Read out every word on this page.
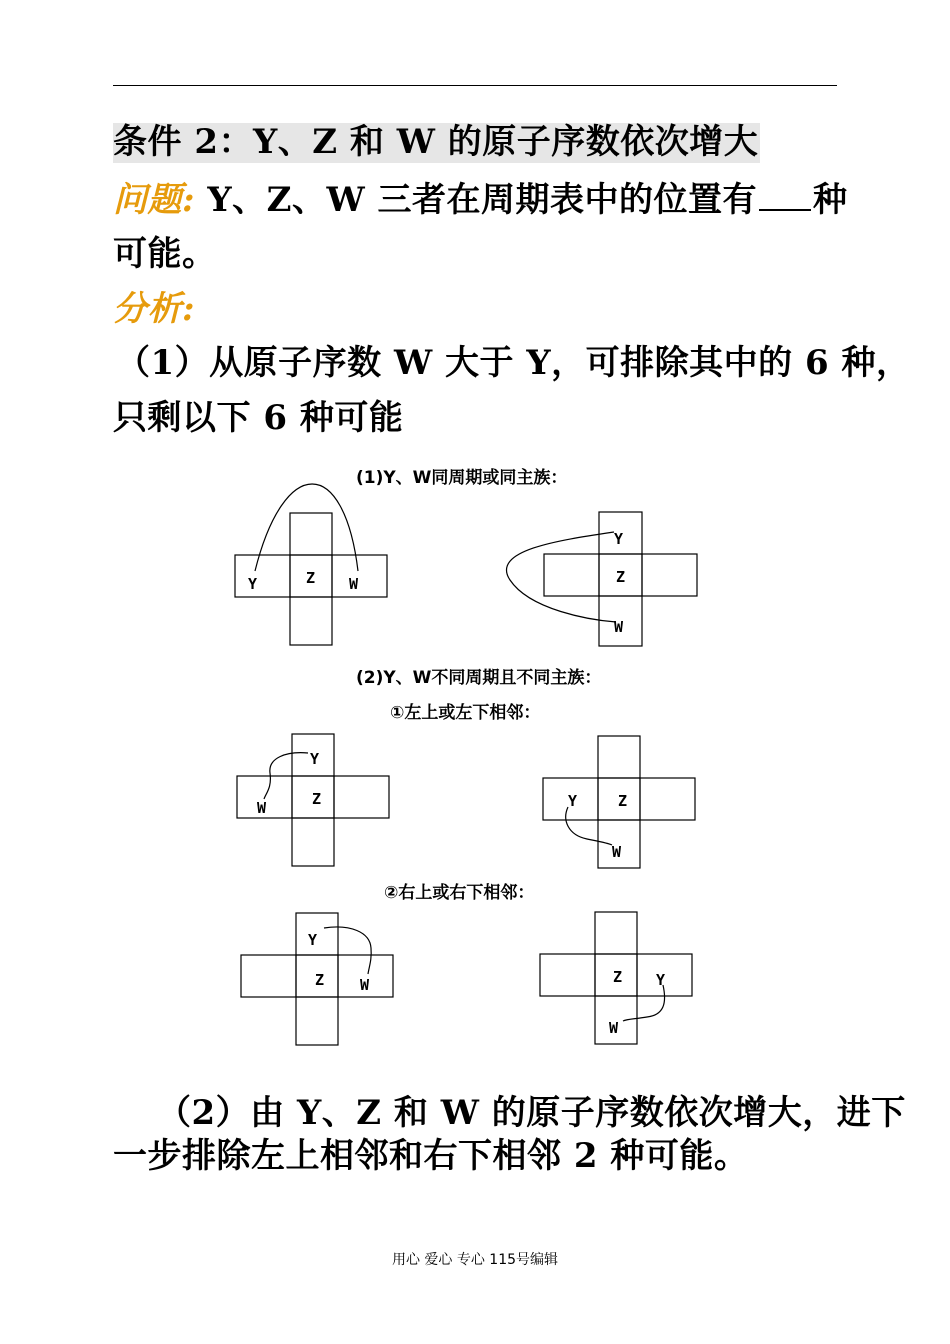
条件 2：Y、Z 和 W 的原子序数依次增大
问题: Y、Z、W 三者在周期表中的位置有 种
可能。
分析:
（1）从原子序数 W 大于 Y，可排除其中的 6 种，
只剩以下 6 种可能
(1)Y、W同周期或同主族：
(2)Y、W不同周期且不同主族：
①左上或左下相邻：
②右上或右下相邻：
Y	Z W
Y
Z
W
Y
Z
W	Y	Z
W
Y
Z W	Y
Z
W
（2）由 Y、Z 和 W 的原子序数依次增大，进下
一步排除左上相邻和右下相邻 2 种可能。
用心 爱心 专心 115号编辑
